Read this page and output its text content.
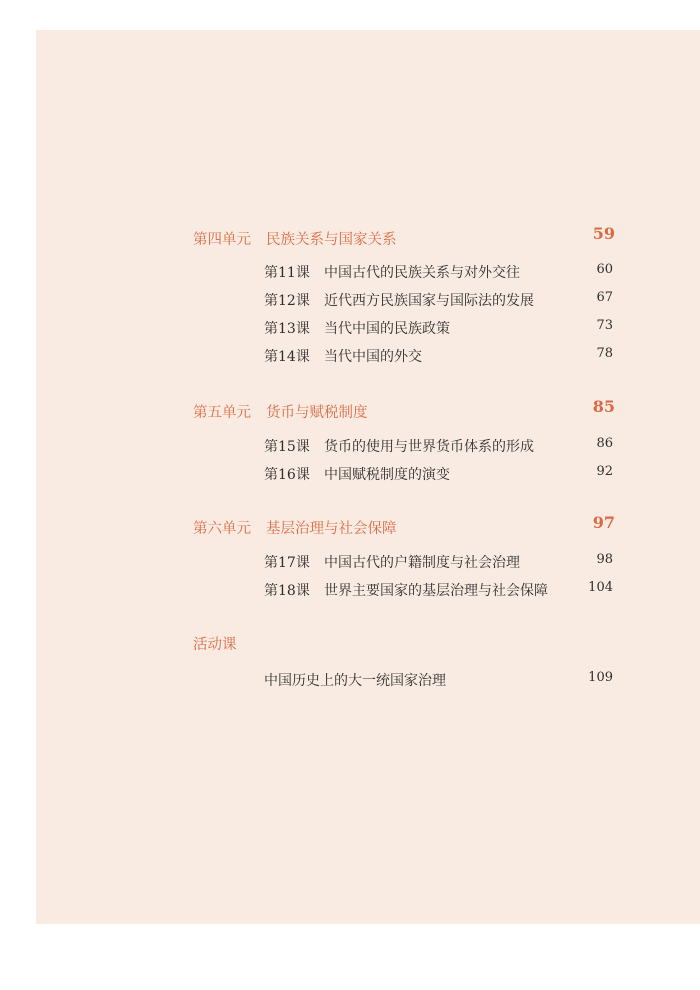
第四单元 民族关系与国家关系	59
第11课 中国古代的民族关系与对外交往	60
第12课 近代西方民族国家与国际法的发展	67
第13课 当代中国的民族政策	73
第14课 当代中国的外交	78
第五单元 货币与赋税制度	85
第15课 货币的使用与世界货币体系的形成	86
第16课 中国赋税制度的演变	92
第六单元 基层治理与社会保障	97
第17课 中国古代的户籍制度与社会治理	98
第18课 世界主要国家的基层治理与社会保障	104
活动课
中国历史上的大一统国家治理	109
